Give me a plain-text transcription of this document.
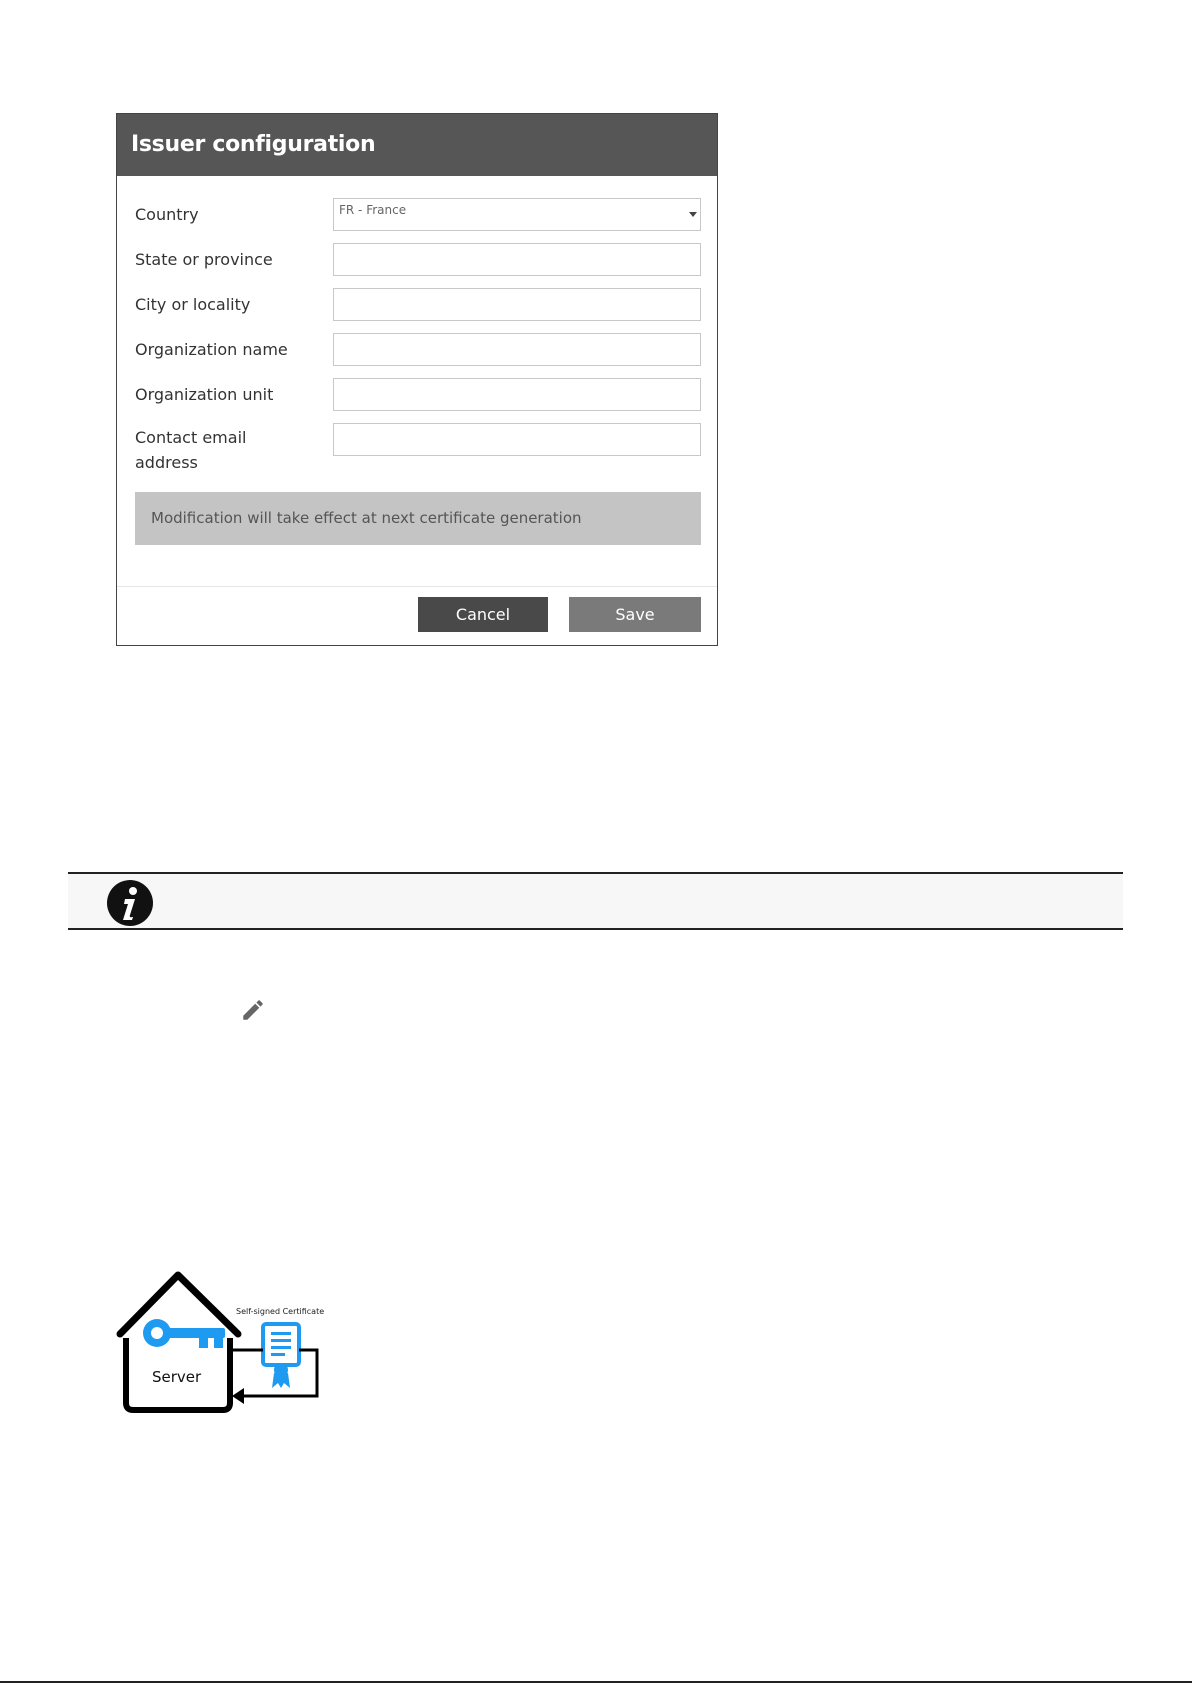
Issuer configuration
Country	FR - France
State or province
City or locality
Organization name
Organization unit
Contact email address
Modification will take effect at next certificate generation
Cancel	Save
Self-signed Certificate
Server
